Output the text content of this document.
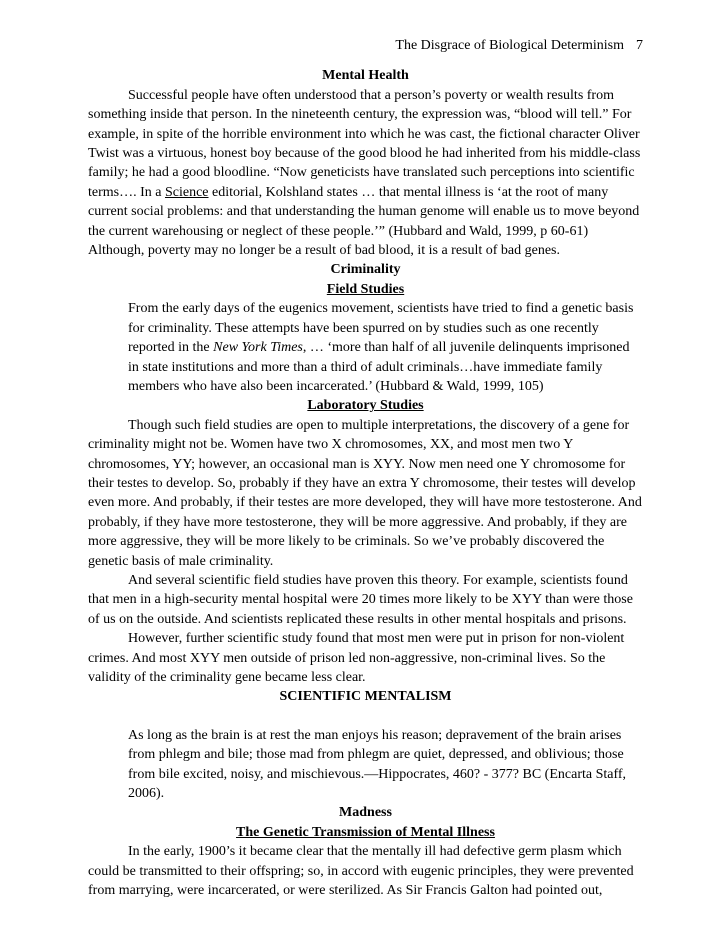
The Disgrace of Biological Determinism 7
Mental Health

Successful people have often understood that a person’s poverty or wealth results from something inside that person. In the nineteenth century, the expression was, “blood will tell.” For example, in spite of the horrible environment into which he was cast, the fictional character Oliver Twist was a virtuous, honest boy because of the good blood he had inherited from his middle-class family; he had a good bloodline. “Now geneticists have translated such perceptions into scientific terms…. In a Science editorial, Kolshland states … that mental illness is ‘at the root of many current social problems: and that understanding the human genome will enable us to move beyond the current warehousing or neglect of these people.’” (Hubbard and Wald, 1999, p 60-61) Although, poverty may no longer be a result of bad blood, it is a result of bad genes.

Criminality
Field Studies

From the early days of the eugenics movement, scientists have tried to find a genetic basis for criminality. These attempts have been spurred on by studies such as one recently reported in the New York Times, … ‘more than half of all juvenile delinquents imprisoned in state institutions and more than a third of adult criminals…have immediate family members who have also been incarcerated.’ (Hubbard & Wald, 1999, 105)

Laboratory Studies

Though such field studies are open to multiple interpretations, the discovery of a gene for criminality might not be. Women have two X chromosomes, XX, and most men two Y chromosomes, YY; however, an occasional man is XYY. Now men need one Y chromosome for their testes to develop. So, probably if they have an extra Y chromosome, their testes will develop even more. And probably, if their testes are more developed, they will have more testosterone. And probably, if they have more testosterone, they will be more aggressive. And probably, if they are more aggressive, they will be more likely to be criminals. So we’ve probably discovered the genetic basis of male criminality.

And several scientific field studies have proven this theory. For example, scientists found that men in a high-security mental hospital were 20 times more likely to be XYY than were those of us on the outside. And scientists replicated these results in other mental hospitals and prisons.

However, further scientific study found that most men were put in prison for non-violent crimes. And most XYY men outside of prison led non-aggressive, non-criminal lives. So the validity of the criminality gene became less clear.

SCIENTIFIC MENTALISM

As long as the brain is at rest the man enjoys his reason; depravement of the brain arises from phlegm and bile; those mad from phlegm are quiet, depressed, and oblivious; those from bile excited, noisy, and mischievous.—Hippocrates, 460? - 377? BC (Encarta Staff, 2006).

Madness
The Genetic Transmission of Mental Illness

In the early, 1900’s it became clear that the mentally ill had defective germ plasm which could be transmitted to their offspring; so, in accord with eugenic principles, they were prevented from marrying, were incarcerated, or were sterilized. As Sir Francis Galton had pointed out,
